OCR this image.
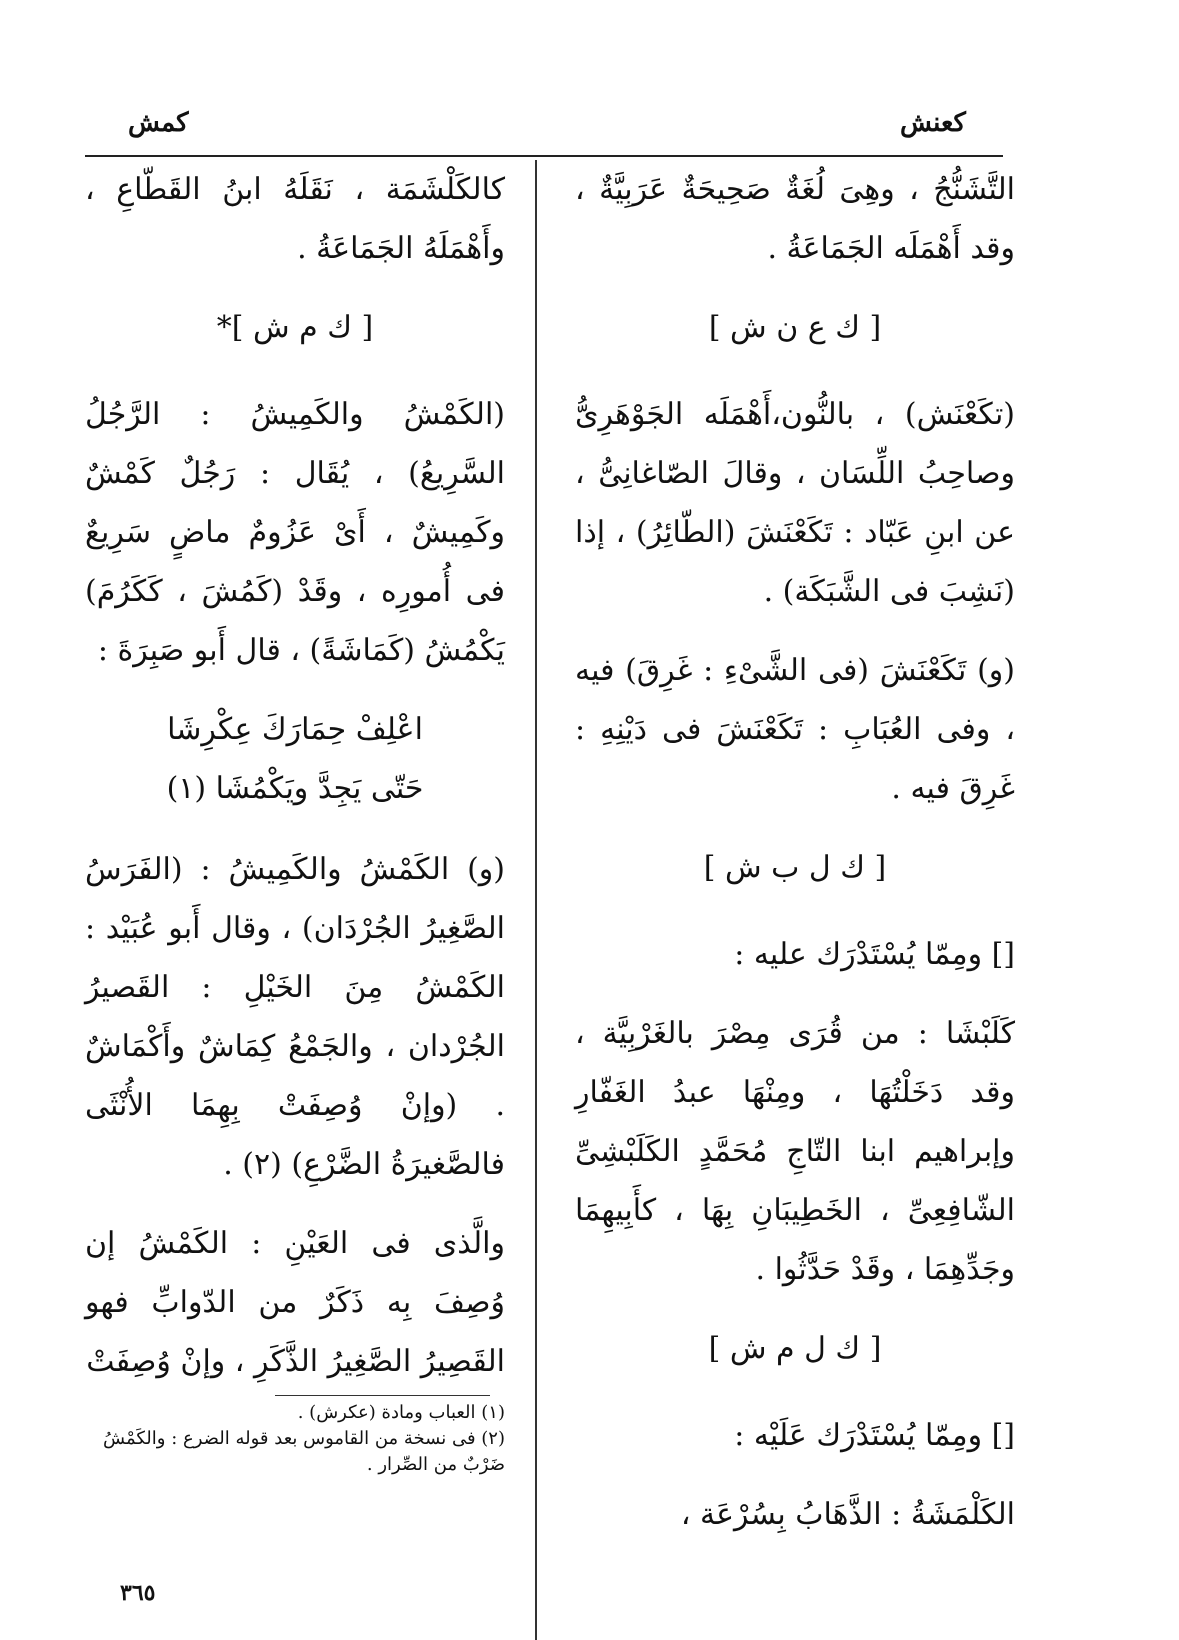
كمش	كعنش

التَّشَنُّجُ ، وهِىَ لُغَةٌ صَحِيحَةٌ عَرَبِيَّةٌ ، وقد أَهْمَلَه الجَمَاعَةُ .

[ ك ع ن ش ]

(تكَعْنَش) ، بالنُّون،أَهْمَلَه الجَوْهَرِىُّ وصاحِبُ اللِّسَان ، وقالَ الصّاغانِىُّ ، عن ابنِ عَبّاد : تَكَعْنَشَ (الطّائِرُ) ، إذا (نَشِبَ فى الشَّبَكَة) .

(و) تَكَعْنَشَ (فى الشَّىْءِ : غَرِقَ) فيه ، وفى العُبَابِ : تَكَعْنَشَ فى دَيْنِهِ : غَرِقَ فيه .

[ ك ل ب ش ]

[] ومِمّا يُسْتَدْرَك عليه :

كَلَبْشَا : من قُرَى مِصْرَ بالغَرْبِيَّة ، وقد دَخَلْتُهَا ، ومِنْهَا عبدُ الغَفّارِ وإبراهيم ابنا التّاجِ مُحَمَّدٍ الكَلَبْشِىِّ الشّافِعِىِّ ، الخَطِيبَانِ بِهَا ، كأَبِيهِمَا وجَدِّهِمَا ، وقَدْ حَدَّثُوا .

[ ك ل م ش ]

[] ومِمّا يُسْتَدْرَك عَلَيْه :

الكَلْمَشَةُ : الذَّهَابُ بِسُرْعَة ،

كالكَلْشَمَة ، نَقَلَهُ ابنُ القَطّاعِ ، وأَهْمَلَهُ الجَمَاعَةُ .

[ ك م ش ]*

(الكَمْشُ والكَمِيشُ : الرَّجُلُ السَّرِيعُ) ، يُقَال : رَجُلٌ كَمْشٌ وكَمِيشٌ ، أَىْ عَزُومٌ ماضٍ سَرِيعٌ فى أُمورِه ، وقَدْ (كَمُشَ ، كَكَرُمَ) يَكْمُشُ (كَمَاشَةً) ، قال أَبو صَبِرَةَ :

اعْلِفْ حِمَارَكَ عِكْرِشَا
حَتّى يَجِدَّ ويَكْمُشَا (١)

(و) الكَمْشُ والكَمِيشُ : (الفَرَسُ الصَّغِيرُ الجُرْدَان) ، وقال أَبو عُبَيْد : الكَمْشُ مِنَ الخَيْلِ : القَصيرُ الجُرْدان ، والجَمْعُ كِمَاشٌ وأَكْمَاشٌ . (وإنْ وُصِفَتْ بِهِمَا الأُنْثَى فالصَّغيرَةُ الضَّرْعِ) (٢) .

والَّذى فى العَيْنِ : الكَمْشُ إن وُصِفَ بِه ذَكَرٌ من الدّوابِّ فهو القَصِيرُ الصَّغِيرُ الذَّكَرِ ، وإنْ وُصِفَتْ

(١) العباب ومادة (عكرش) .

(٢) فى نسخة من القاموس بعد قوله الضرع : والكَمْشُ ضَرْبٌ من الصِّرار .

٣٦٥
